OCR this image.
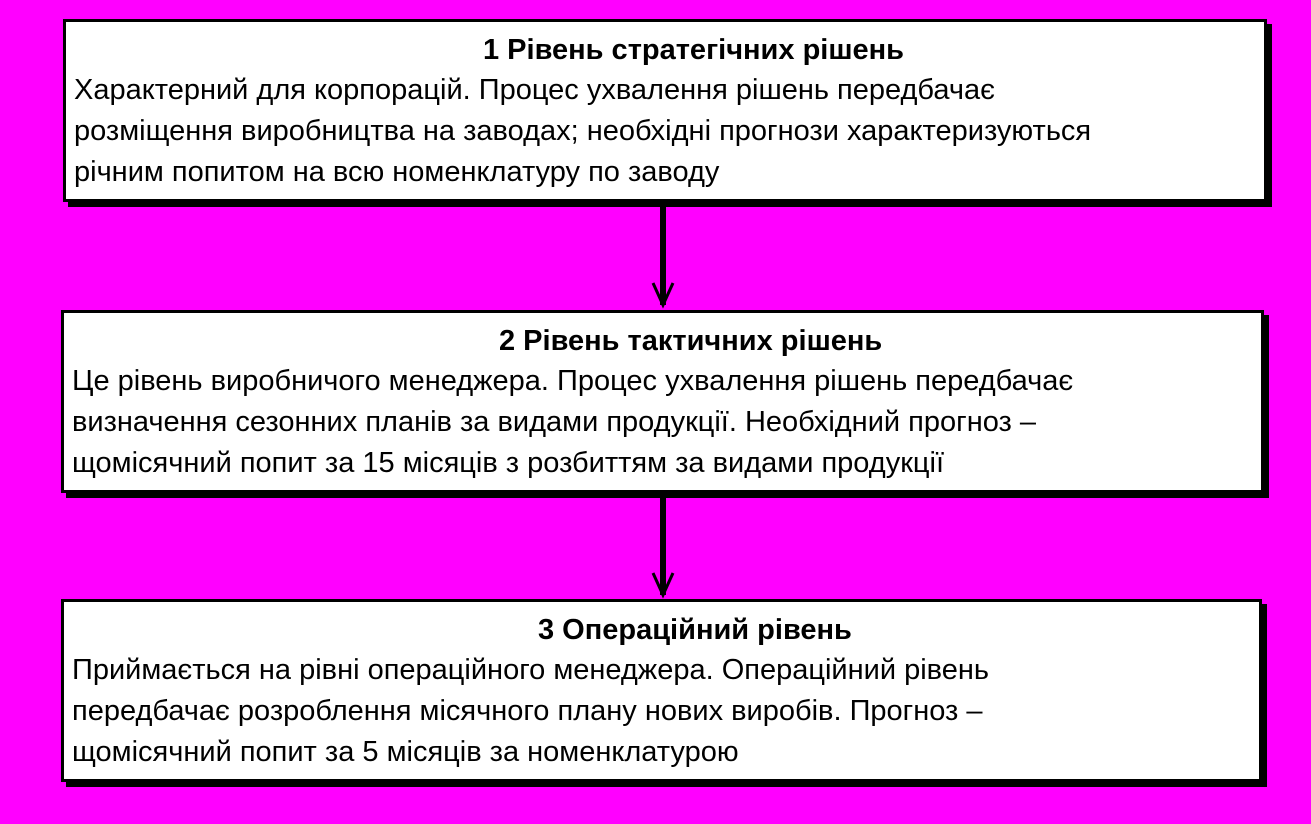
1 Рівень стратегічних рішень
Характерний для корпорацій. Процес ухвалення рішень передбачає
розміщення виробництва на заводах; необхідні прогнози характеризуються
річним попитом на всю номенклатуру по заводу
2 Рівень тактичних рішень
Це рівень виробничого менеджера. Процес ухвалення рішень передбачає
визначення сезонних планів за видами продукції. Необхідний прогноз –
щомісячний попит за 15 місяців з розбиттям за видами продукції
3 Операційний рівень
Приймається на рівні операційного менеджера. Операційний рівень
передбачає розроблення місячного плану нових виробів. Прогноз –
щомісячний попит за 5 місяців за номенклатурою
